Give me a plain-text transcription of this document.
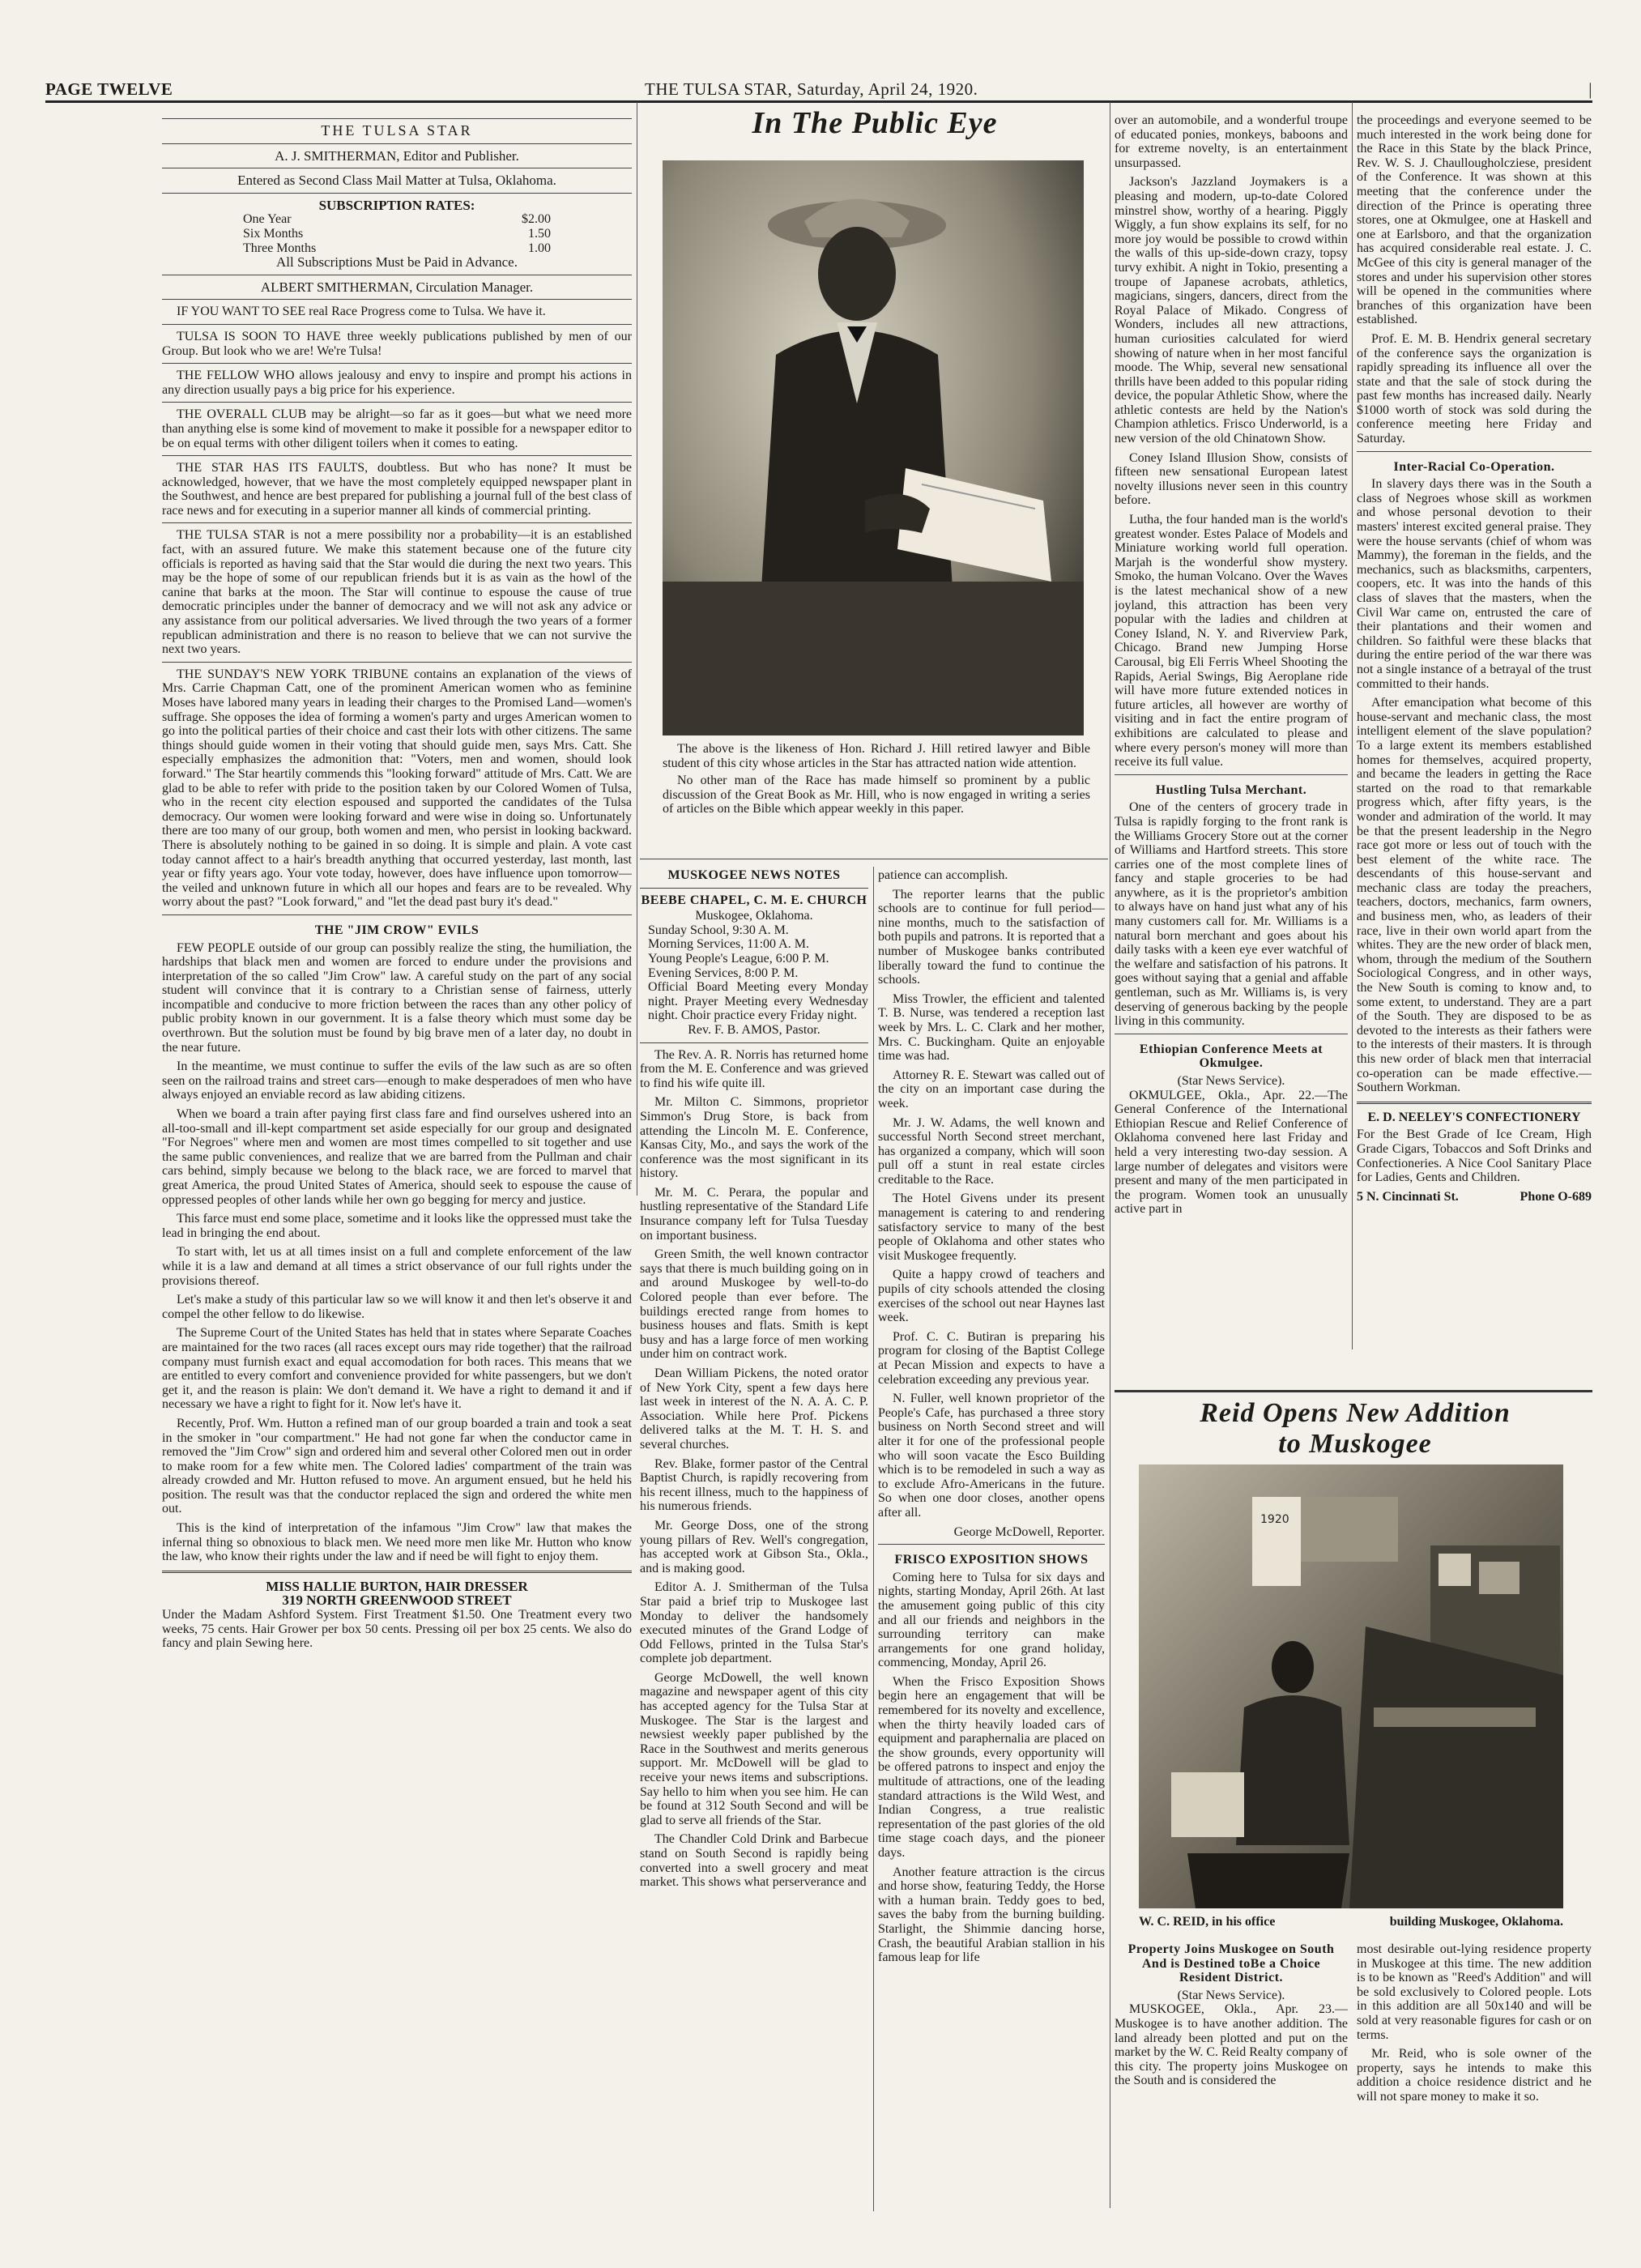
PAGE TWELVE	THE TULSA STAR, Saturday, April 24, 1920.	|
THE TULSA STAR
A. J. SMITHERMAN, Editor and Publisher.
Entered as Second Class Mail Matter at Tulsa, Oklahoma.
SUBSCRIPTION RATES:
One Year	$2.00
Six Months	1.50
Three Months	1.00
All Subscriptions Must be Paid in Advance.
ALBERT SMITHERMAN, Circulation Manager.

IF YOU WANT TO SEE real Race Progress come to Tulsa. We have it.

TULSA IS SOON TO HAVE three weekly publications published by men of our Group. But look who we are! We're Tulsa!

THE FELLOW WHO allows jealousy and envy to inspire and prompt his actions in any direction usually pays a big price for his experience.

THE OVERALL CLUB may be alright—so far as it goes—but what we need more than anything else is some kind of movement to make it possible for a newspaper editor to be on equal terms with other diligent toilers when it comes to eating.

THE STAR HAS ITS FAULTS, doubtless. But who has none? It must be acknowledged, however, that we have the most completely equipped newspaper plant in the Southwest, and hence are best prepared for publishing a journal full of the best class of race news and for executing in a superior manner all kinds of commercial printing.

THE TULSA STAR is not a mere possibility nor a probability—it is an established fact, with an assured future. We make this statement because one of the future city officials is reported as having said that the Star would die during the next two years. This may be the hope of some of our republican friends but it is as vain as the howl of the canine that barks at the moon. The Star will continue to espouse the cause of true democratic principles under the banner of democracy and we will not ask any advice or any assistance from our political adversaries. We lived through the two years of a former republican administration and there is no reason to believe that we can not survive the next two years.

THE SUNDAY'S NEW YORK TRIBUNE contains an explanation of the views of Mrs. Carrie Chapman Catt, one of the prominent American women who as feminine Moses have labored many years in leading their charges to the Promised Land—women's suffrage. She opposes the idea of forming a women's party and urges American women to go into the political parties of their choice and cast their lots with other citizens. The same things should guide women in their voting that should guide men, says Mrs. Catt. She especially emphasizes the admonition that: "Voters, men and women, should look forward." The Star heartily commends this "looking forward" attitude of Mrs. Catt. We are glad to be able to refer with pride to the position taken by our Colored Women of Tulsa, who in the recent city election espoused and supported the candidates of the Tulsa democracy. Our women were looking forward and were wise in doing so. Unfortunately there are too many of our group, both women and men, who persist in looking backward. There is absolutely nothing to be gained in so doing. It is simple and plain. A vote cast today cannot affect to a hair's breadth anything that occurred yesterday, last month, last year or fifty years ago. Your vote today, however, does have influence upon tomorrow—the veiled and unknown future in which all our hopes and fears are to be revealed. Why worry about the past? "Look forward," and "let the dead past bury it's dead."

THE "JIM CROW" EVILS

FEW PEOPLE outside of our group can possibly realize the sting, the humiliation, the hardships that black men and women are forced to endure under the provisions and interpretation of the so called "Jim Crow" law. A careful study on the part of any social student will convince that it is contrary to a Christian sense of fairness, utterly incompatible and conducive to more friction between the races than any other policy of public probity known in our government. It is a false theory which must some day be overthrown. But the solution must be found by big brave men of a later day, no doubt in the near future.

In the meantime, we must continue to suffer the evils of the law such as are so often seen on the railroad trains and street cars—enough to make desperadoes of men who have always enjoyed an enviable record as law abiding citizens.

When we board a train after paying first class fare and find ourselves ushered into an all-too-small and ill-kept compartment set aside especially for our group and designated "For Negroes" where men and women are most times compelled to sit together and use the same public conveniences, and realize that we are barred from the Pullman and chair cars behind, simply because we belong to the black race, we are forced to marvel that great America, the proud United States of America, should seek to espouse the cause of oppressed peoples of other lands while her own go begging for mercy and justice.

This farce must end some place, sometime and it looks like the oppressed must take the lead in bringing the end about.

To start with, let us at all times insist on a full and complete enforcement of the law while it is a law and demand at all times a strict observance of our full rights under the provisions thereof.

Let's make a study of this particular law so we will know it and then let's observe it and compel the other fellow to do likewise.

The Supreme Court of the United States has held that in states where Separate Coaches are maintained for the two races (all races except ours may ride together) that the railroad company must furnish exact and equal accomodation for both races. This means that we are entitled to every comfort and convenience provided for white passengers, but we don't get it, and the reason is plain: We don't demand it. We have a right to demand it and if necessary we have a right to fight for it. Now let's have it.

Recently, Prof. Wm. Hutton a refined man of our group boarded a train and took a seat in the smoker in "our compartment." He had not gone far when the conductor came in removed the "Jim Crow" sign and ordered him and several other Colored men out in order to make room for a few white men. The Colored ladies' compartment of the train was already crowded and Mr. Hutton refused to move. An argument ensued, but he held his position. The result was that the conductor replaced the sign and ordered the white men out.

This is the kind of interpretation of the infamous "Jim Crow" law that makes the infernal thing so obnoxious to black men. We need more men like Mr. Hutton who know the law, who know their rights under the law and if need be will fight to enjoy them.

MISS HALLIE BURTON, HAIR DRESSER
319 NORTH GREENWOOD STREET

Under the Madam Ashford System. First Treatment $1.50. One Treatment every two weeks, 75 cents. Hair Grower per box 50 cents. Pressing oil per box 25 cents. We also do fancy and plain Sewing here.

In The Public Eye

The above is the likeness of Hon. Richard J. Hill retired lawyer and Bible student of this city whose articles in the Star has attracted nation wide attention.

No other man of the Race has made himself so prominent by a public discussion of the Great Book as Mr. Hill, who is now engaged in writing a series of articles on the Bible which appear weekly in this paper.

MUSKOGEE NEWS NOTES
BEEBE CHAPEL, C. M. E. CHURCH
Muskogee, Oklahoma.
Sunday School, 9:30 A. M.
Morning Services, 11:00 A. M.
Young People's League, 6:00 P. M.
Evening Services, 8:00 P. M.
Official Board Meeting every Monday night. Prayer Meeting every Wednesday night. Choir practice every Friday night.
Rev. F. B. AMOS, Pastor.

The Rev. A. R. Norris has returned home from the M. E. Conference and was grieved to find his wife quite ill.

Mr. Milton C. Simmons, proprietor Simmon's Drug Store, is back from attending the Lincoln M. E. Conference, Kansas City, Mo., and says the work of the conference was the most significant in its history.

Mr. M. C. Perara, the popular and hustling representative of the Standard Life Insurance company left for Tulsa Tuesday on important business.

Green Smith, the well known contractor says that there is much building going on in and around Muskogee by well-to-do Colored people than ever before. The buildings erected range from homes to business houses and flats. Smith is kept busy and has a large force of men working under him on contract work.

Dean William Pickens, the noted orator of New York City, spent a few days here last week in interest of the N. A. A. C. P. Association. While here Prof. Pickens delivered talks at the M. T. H. S. and several churches.

Rev. Blake, former pastor of the Central Baptist Church, is rapidly recovering from his recent illness, much to the happiness of his numerous friends.

Mr. George Doss, one of the strong young pillars of Rev. Well's congregation, has accepted work at Gibson Sta., Okla., and is making good.

Editor A. J. Smitherman of the Tulsa Star paid a brief trip to Muskogee last Monday to deliver the handsomely executed minutes of the Grand Lodge of Odd Fellows, printed in the Tulsa Star's complete job department.

George McDowell, the well known magazine and newspaper agent of this city has accepted agency for the Tulsa Star at Muskogee. The Star is the largest and newsiest weekly paper published by the Race in the Southwest and merits generous support. Mr. McDowell will be glad to receive your news items and subscriptions. Say hello to him when you see him. He can be found at 312 South Second and will be glad to serve all friends of the Star.

The Chandler Cold Drink and Barbecue stand on South Second is rapidly being converted into a swell grocery and meat market. This shows what perserverance and

patience can accomplish.

The reporter learns that the public schools are to continue for full period—nine months, much to the satisfaction of both pupils and patrons. It is reported that a number of Muskogee banks contributed liberally toward the fund to continue the schools.

Miss Trowler, the efficient and talented T. B. Nurse, was tendered a reception last week by Mrs. L. C. Clark and her mother, Mrs. C. Buckingham. Quite an enjoyable time was had.

Attorney R. E. Stewart was called out of the city on an important case during the week.

Mr. J. W. Adams, the well known and successful North Second street merchant, has organized a company, which will soon pull off a stunt in real estate circles creditable to the Race.

The Hotel Givens under its present management is catering to and rendering satisfactory service to many of the best people of Oklahoma and other states who visit Muskogee frequently.

Quite a happy crowd of teachers and pupils of city schools attended the closing exercises of the school out near Haynes last week.

Prof. C. C. Butiran is preparing his program for closing of the Baptist College at Pecan Mission and expects to have a celebration exceeding any previous year.

N. Fuller, well known proprietor of the People's Cafe, has purchased a three story business on North Second street and will alter it for one of the professional people who will soon vacate the Esco Building which is to be remodeled in such a way as to exclude Afro-Americans in the future. So when one door closes, another opens after all.

George McDowell, Reporter.
FRISCO EXPOSITION SHOWS

Coming here to Tulsa for six days and nights, starting Monday, April 26th. At last the amusement going public of this city and all our friends and neighbors in the surrounding territory can make arrangements for one grand holiday, commencing, Monday, April 26.

When the Frisco Exposition Shows begin here an engagement that will be remembered for its novelty and excellence, when the thirty heavily loaded cars of equipment and paraphernalia are placed on the show grounds, every opportunity will be offered patrons to inspect and enjoy the multitude of attractions, one of the leading standard attractions is the Wild West, and Indian Congress, a true realistic representation of the past glories of the old time stage coach days, and the pioneer days.

Another feature attraction is the circus and horse show, featuring Teddy, the Horse with a human brain. Teddy goes to bed, saves the baby from the burning building. Starlight, the Shimmie dancing horse, Crash, the beautiful Arabian stallion in his famous leap for life

over an automobile, and a wonderful troupe of educated ponies, monkeys, baboons and for extreme novelty, is an entertainment unsurpassed.

Jackson's Jazzland Joymakers is a pleasing and modern, up-to-date Colored minstrel show, worthy of a hearing. Piggly Wiggly, a fun show explains its self, for no more joy would be possible to crowd within the walls of this up-side-down crazy, topsy turvy exhibit. A night in Tokio, presenting a troupe of Japanese acrobats, athletics, magicians, singers, dancers, direct from the Royal Palace of Mikado. Congress of Wonders, includes all new attractions, human curiosities calculated for wierd showing of nature when in her most fanciful moode. The Whip, several new sensational thrills have been added to this popular riding device, the popular Athletic Show, where the athletic contests are held by the Nation's Champion athletics. Frisco Underworld, is a new version of the old Chinatown Show.

Coney Island Illusion Show, consists of fifteen new sensational European latest novelty illusions never seen in this country before.

Lutha, the four handed man is the world's greatest wonder. Estes Palace of Models and Miniature working world full operation. Marjah is the wonderful show mystery. Smoko, the human Volcano. Over the Waves is the latest mechanical show of a new joyland, this attraction has been very popular with the ladies and children at Coney Island, N. Y. and Riverview Park, Chicago. Brand new Jumping Horse Carousal, big Eli Ferris Wheel Shooting the Rapids, Aerial Swings, Big Aeroplane ride will have more future extended notices in future articles, all however are worthy of visiting and in fact the entire program of exhibitions are calculated to please and where every person's money will more than receive its full value.

Hustling Tulsa Merchant.

One of the centers of grocery trade in Tulsa is rapidly forging to the front rank is the Williams Grocery Store out at the corner of Williams and Hartford streets. This store carries one of the most complete lines of fancy and staple groceries to be had anywhere, as it is the proprietor's ambition to always have on hand just what any of his many customers call for. Mr. Williams is a natural born merchant and goes about his daily tasks with a keen eye ever watchful of the welfare and satisfaction of his patrons. It goes without saying that a genial and affable gentleman, such as Mr. Williams is, is very deserving of generous backing by the people living in this community.

Ethiopian Conference Meets at Okmulgee.
(Star News Service).

OKMULGEE, Okla., Apr. 22.—The General Conference of the International Ethiopian Rescue and Relief Conference of Oklahoma convened here last Friday and held a very interesting two-day session. A large number of delegates and visitors were present and many of the men participated in the program. Women took an unusually active part in

the proceedings and everyone seemed to be much interested in the work being done for the Race in this State by the black Prince, Rev. W. S. J. Chaullougholcziese, president of the Conference. It was shown at this meeting that the conference under the direction of the Prince is operating three stores, one at Okmulgee, one at Haskell and one at Earlsboro, and that the organization has acquired considerable real estate. J. C. McGee of this city is general manager of the stores and under his supervision other stores will be opened in the communities where branches of this organization have been established.

Prof. E. M. B. Hendrix general secretary of the conference says the organization is rapidly spreading its influence all over the state and that the sale of stock during the past few months has increased daily. Nearly $1000 worth of stock was sold during the conference meeting here Friday and Saturday.

Inter-Racial Co-Operation.

In slavery days there was in the South a class of Negroes whose skill as workmen and whose personal devotion to their masters' interest excited general praise. They were the house servants (chief of whom was Mammy), the foreman in the fields, and the mechanics, such as blacksmiths, carpenters, coopers, etc. It was into the hands of this class of slaves that the masters, when the Civil War came on, entrusted the care of their plantations and their women and children. So faithful were these blacks that during the entire period of the war there was not a single instance of a betrayal of the trust committed to their hands.

After emancipation what become of this house-servant and mechanic class, the most intelligent element of the slave population? To a large extent its members established homes for themselves, acquired property, and became the leaders in getting the Race started on the road to that remarkable progress which, after fifty years, is the wonder and admiration of the world. It may be that the present leadership in the Negro race got more or less out of touch with the best element of the white race. The descendants of this house-servant and mechanic class are today the preachers, teachers, doctors, mechanics, farm owners, and business men, who, as leaders of their race, live in their own world apart from the whites. They are the new order of black men, whom, through the medium of the Southern Sociological Congress, and in other ways, the New South is coming to know and, to some extent, to understand. They are a part of the South. They are disposed to be as devoted to the interests as their fathers were to the interests of their masters. It is through this new order of black men that interracial co-operation can be made effective.—Southern Workman.

E. D. NEELEY'S CONFECTIONERY

For the Best Grade of Ice Cream, High Grade Cigars, Tobaccos and Soft Drinks and Confectioneries. A Nice Cool Sanitary Place for Ladies, Gents and Children.

5 N. Cincinnati St.	Phone O-689
Reid Opens New Addition
to Muskogee
1920
W. C. REID, in his office	building Muskogee, Oklahoma.
Property Joins Muskogee on South And is Destined toBe a Choice Resident District.
(Star News Service).

MUSKOGEE, Okla., Apr. 23.—Muskogee is to have another addition. The land already been plotted and put on the market by the W. C. Reid Realty company of this city. The property joins Muskogee on the South and is considered the

most desirable out-lying residence property in Muskogee at this time. The new addition is to be known as "Reed's Addition" and will be sold exclusively to Colored people. Lots in this addition are all 50x140 and will be sold at very reasonable figures for cash or on terms.

Mr. Reid, who is sole owner of the property, says he intends to make this addition a choice residence district and he will not spare money to make it so.
